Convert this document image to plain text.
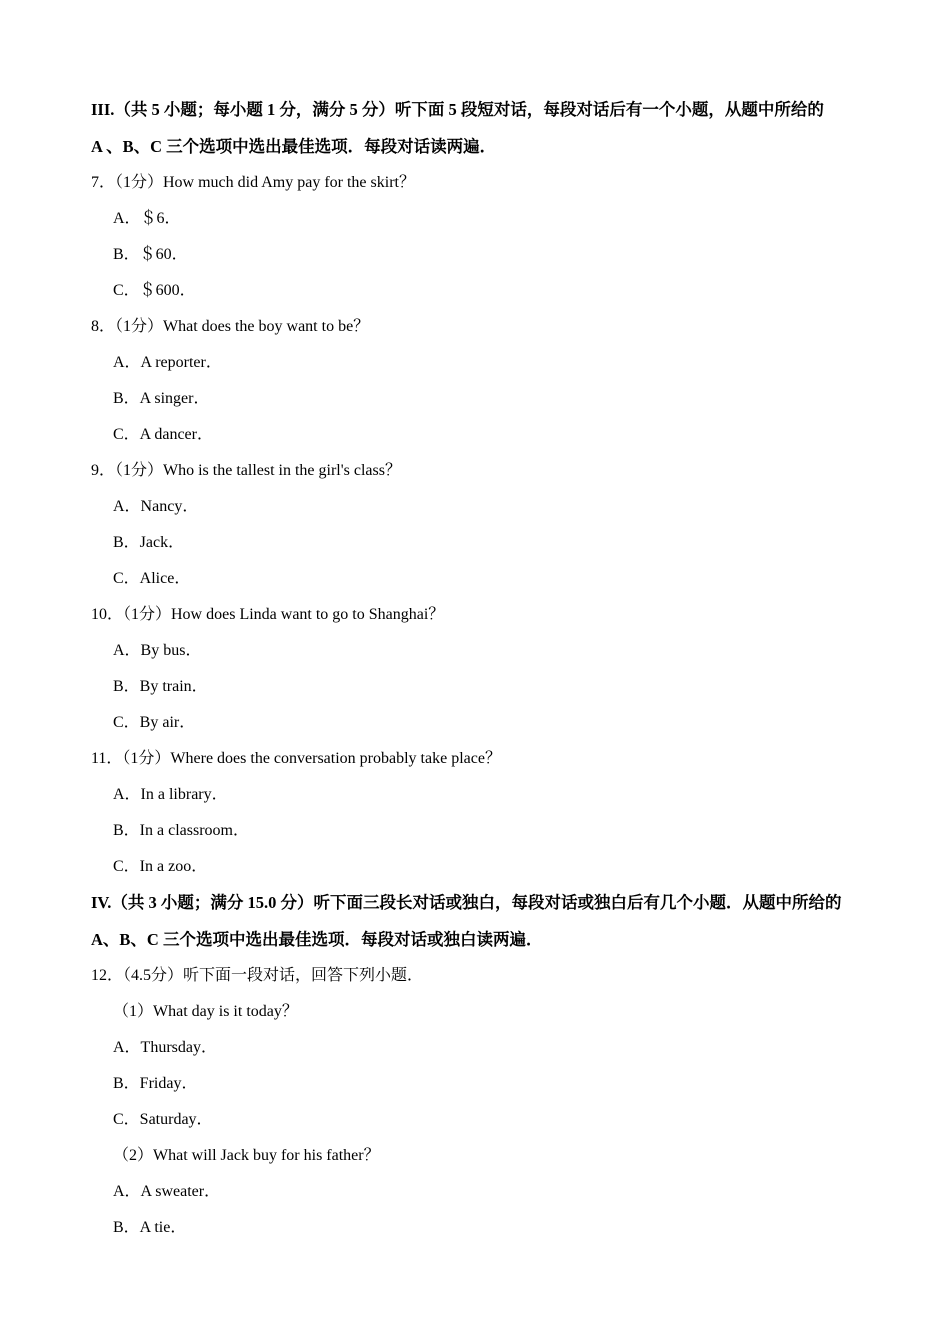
III.（共 5 小题；每小题 1 分，满分 5 分）听下面 5 段短对话，每段对话后有一个小题，从题中所给的
A 、B、C 三个选项中选出最佳选项．每段对话读两遍．
7．（1分）How much did Amy pay for the skirt？
A．＄6．
B．＄60．
C．＄600．
8．（1分）What does the boy want to be？
A．A reporter．
B．A singer．
C．A dancer．
9．（1分）Who is the tallest in the girl's class？
A．Nancy．
B．Jack．
C．Alice．
10．（1分）How does Linda want to go to Shanghai？
A．By bus．
B．By train．
C．By air．
11．（1分）Where does the conversation probably take place？
A．In a library．
B．In a classroom．
C．In a zoo．
IV.（共 3 小题；满分 15.0 分）听下面三段长对话或独白，每段对话或独白后有几个小题．从题中所给的
A、B、C 三个选项中选出最佳选项．每段对话或独白读两遍．
12．（4.5分）听下面一段对话，回答下列小题．
（1）What day is it today？
A．Thursday．
B．Friday．
C．Saturday．
（2）What will Jack buy for his father？
A．A sweater．
B．A tie．
